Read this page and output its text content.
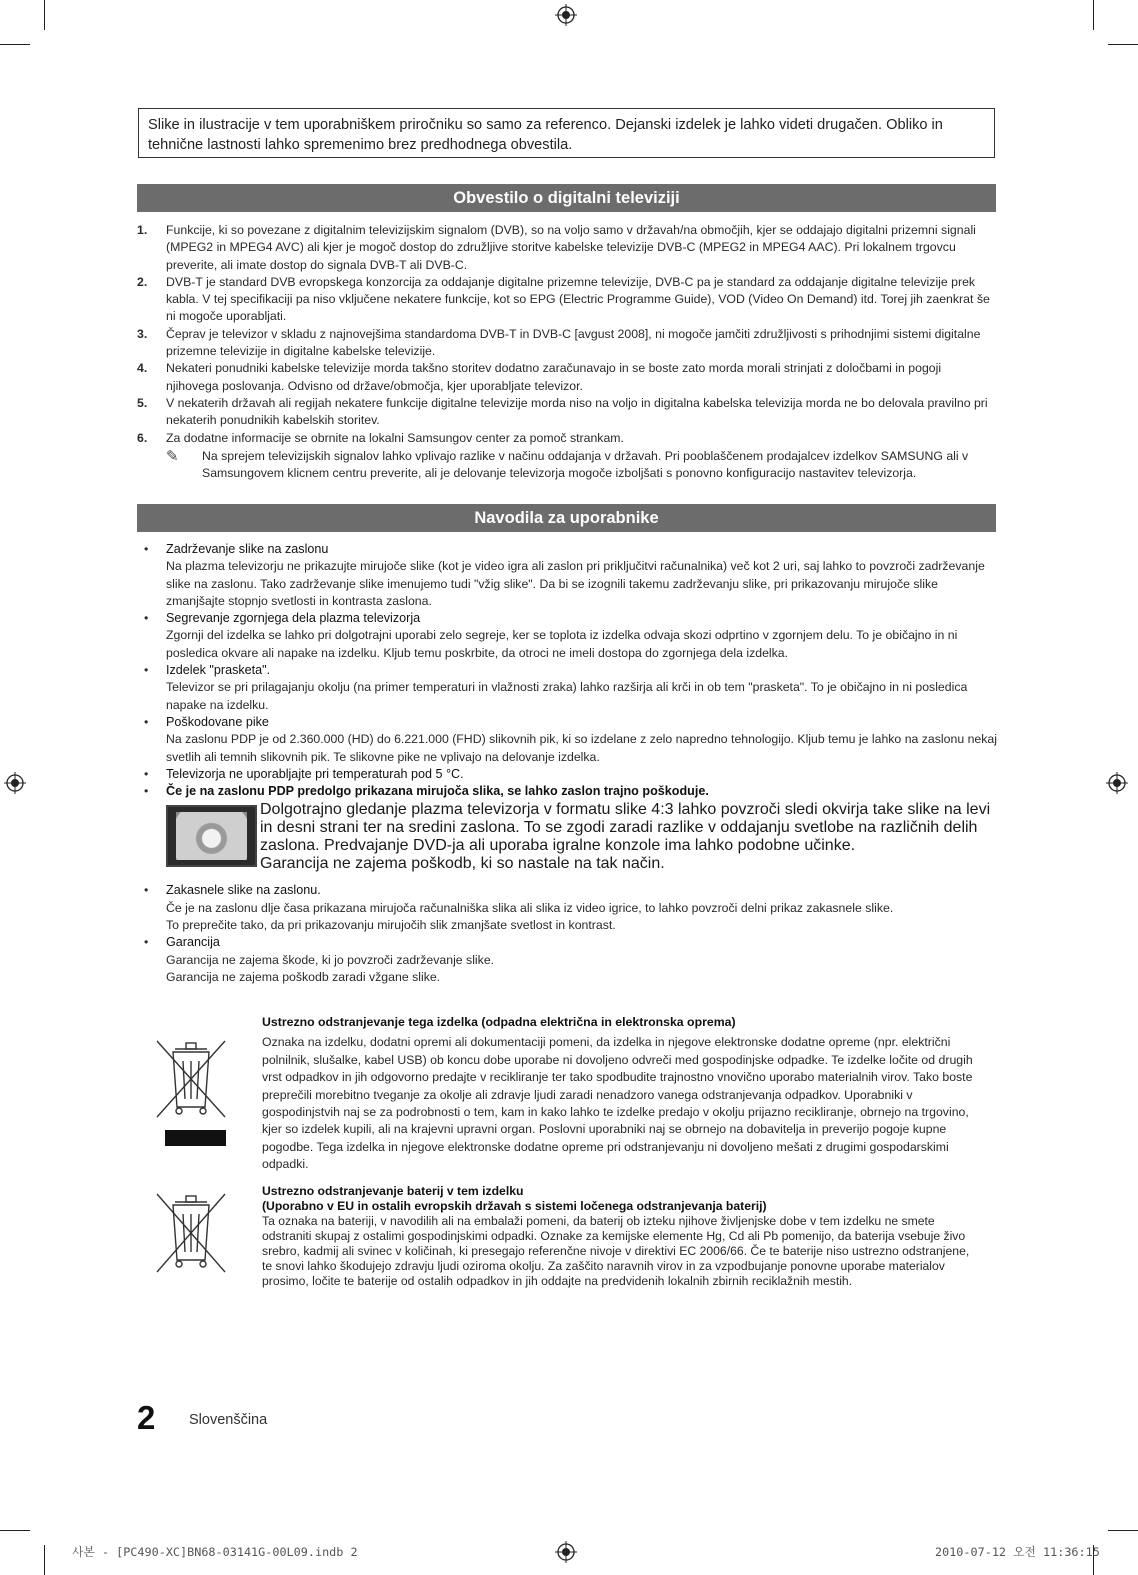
Slike in ilustracije v tem uporabniškem priročniku so samo za referenco. Dejanski izdelek je lahko videti drugačen. Obliko in tehnične lastnosti lahko spremenimo brez predhodnega obvestila.
Obvestilo o digitalni televiziji
1. Funkcije, ki so povezane z digitalnim televizijskim signalom (DVB), so na voljo samo v državah/na območjih, kjer se oddajajo digitalni prizemni signali (MPEG2 in MPEG4 AVC) ali kjer je mogoč dostop do združljive storitve kabelske televizije DVB-C (MPEG2 in MPEG4 AAC). Pri lokalnem trgovcu preverite, ali imate dostop do signala DVB-T ali DVB-C.
2. DVB-T je standard DVB evropskega konzorcija za oddajanje digitalne prizemne televizije, DVB-C pa je standard za oddajanje digitalne televizije prek kabla. V tej specifikaciji pa niso vključene nekatere funkcije, kot so EPG (Electric Programme Guide), VOD (Video On Demand) itd. Torej jih zaenkrat še ni mogoče uporabljati.
3. Čeprav je televizor v skladu z najnovejšima standardoma DVB-T in DVB-C [avgust 2008], ni mogoče jamčiti združljivosti s prihodnjimi sistemi digitalne prizemne televizije in digitalne kabelske televizije.
4. Nekateri ponudniki kabelske televizije morda takšno storitev dodatno zaračunavajo in se boste zato morda morali strinjati z določbami in pogoji njihovega poslovanja. Odvisno od države/območja, kjer uporabljate televizor.
5. V nekaterih državah ali regijah nekatere funkcije digitalne televizije morda niso na voljo in digitalna kabelska televizija morda ne bo delovala pravilno pri nekaterih ponudnikih kabelskih storitev.
6. Za dodatne informacije se obrnite na lokalni Samsungov center za pomoč strankam.
✎ Na sprejem televizijskih signalov lahko vplivajo razlike v načinu oddajanja v državah. Pri pooblaščenem prodajalcev izdelkov SAMSUNG ali v Samsungovem klicnem centru preverite, ali je delovanje televizorja mogoče izboljšati s ponovno konfiguracijo nastavitev televizorja.
Navodila za uporabnike
• Zadrževanje slike na zaslonu
Na plazma televizorju ne prikazujte mirujoče slike (kot je video igra ali zaslon pri priključitvi računalnika) več kot 2 uri, saj lahko to povzroči zadrževanje slike na zaslonu. Tako zadrževanje slike imenujemo tudi "vžig slike". Da bi se izognili takemu zadrževanju slike, pri prikazovanju mirujoče slike zmanjšajte stopnjo svetlosti in kontrasta zaslona.
• Segrevanje zgornjega dela plazma televizorja
Zgornji del izdelka se lahko pri dolgotrajni uporabi zelo segreje, ker se toplota iz izdelka odvaja skozi odprtino v zgornjem delu. To je običajno in ni posledica okvare ali napake na izdelku. Kljub temu poskrbite, da otroci ne imeli dostopa do zgornjega dela izdelka.
• Izdelek "prasketa".
Televizor se pri prilagajanju okolju (na primer temperaturi in vlažnosti zraka) lahko razširja ali krči in ob tem "prasketa". To je običajno in ni posledica napake na izdelku.
• Poškodovane pike
Na zaslonu PDP je od 2.360.000 (HD) do 6.221.000 (FHD) slikovnih pik, ki so izdelane z zelo napredno tehnologijo. Kljub temu je lahko na zaslonu nekaj svetlih ali temnih slikovnih pik. Te slikovne pike ne vplivajo na delovanje izdelka.
• Televizorja ne uporabljajte pri temperaturah pod 5 °C.
• Če je na zaslonu PDP predolgo prikazana mirujoča slika, se lahko zaslon trajno poškoduje.
Dolgotrajno gledanje plazma televizorja v formatu slike 4:3 lahko povzroči sledi okvirja take slike na levi in desni strani ter na sredini zaslona. To se zgodi zaradi razlike v oddajanju svetlobe na različnih delih zaslona. Predvajanje DVD-ja ali uporaba igralne konzole ima lahko podobne učinke.
Garancija ne zajema poškodb, ki so nastale na tak način.
• Zakasnele slike na zaslonu.
Če je na zaslonu dlje časa prikazana mirujoča računalniška slika ali slika iz video igrice, to lahko povzroči delni prikaz zakasnele slike.
To preprečite tako, da pri prikazovanju mirujočih slik zmanjšate svetlost in kontrast.
• Garancija
Garancija ne zajema škode, ki jo povzroči zadrževanje slike.
Garancija ne zajema poškodb zaradi vžgane slike.
Ustrezno odstranjevanje tega izdelka (odpadna električna in elektronska oprema)
Oznaka na izdelku, dodatni opremi ali dokumentaciji pomeni, da izdelka in njegove elektronske dodatne opreme (npr. električni polnilnik, slušalke, kabel USB) ob koncu dobe uporabe ni dovoljeno odvreči med gospodinjske odpadke. Te izdelke ločite od drugih vrst odpadkov in jih odgovorno predajte v recikliranje ter tako spodbudite trajnostno vnovično uporabo materialnih virov. Tako boste preprečili morebitno tveganje za okolje ali zdravje ljudi zaradi nenadzoro vanega odstranjevanja odpadkov. Uporabniki v gospodinjstvih naj se za podrobnosti o tem, kam in kako lahko te izdelke predajo v okolju prijazno recikliranje, obrnejo na trgovino, kjer so izdelek kupili, ali na krajevni upravni organ. Poslovni uporabniki naj se obrnejo na dobavitelja in preverijo pogoje kupne pogodbe. Tega izdelka in njegove elektronske dodatne opreme pri odstranjevanju ni dovoljeno mešati z drugimi gospodarskimi odpadki.
Ustrezno odstranjevanje baterij v tem izdelku
(Uporabno v EU in ostalih evropskih državah s sistemi ločenega odstranjevanja baterij)
Ta oznaka na bateriji, v navodilih ali na embalaži pomeni, da baterij ob izteku njihove življenjske dobe v tem izdelku ne smete odstraniti skupaj z ostalimi gospodinjskimi odpadki. Oznake za kemijske elemente Hg, Cd ali Pb pomenijo, da baterija vsebuje živo srebro, kadmij ali svinec v količinah, ki presegajo referenčne nivoje v direktivi EC 2006/66. Če te baterije niso ustrezno odstranjene, te snovi lahko škodujejo zdravju ljudi oziroma okolju. Za zaščito naravnih virov in za vzpodbujanje ponovne uporabe materialov prosimo, ločite te baterije od ostalih odpadkov in jih oddajte na predvidenih lokalnih zbirnih reciklažnih mestih.
2 Slovenščina
사본 - [PC490-XC]BN68-03141G-00L09.indb 2	2010-07-12 오전 11:36:15
